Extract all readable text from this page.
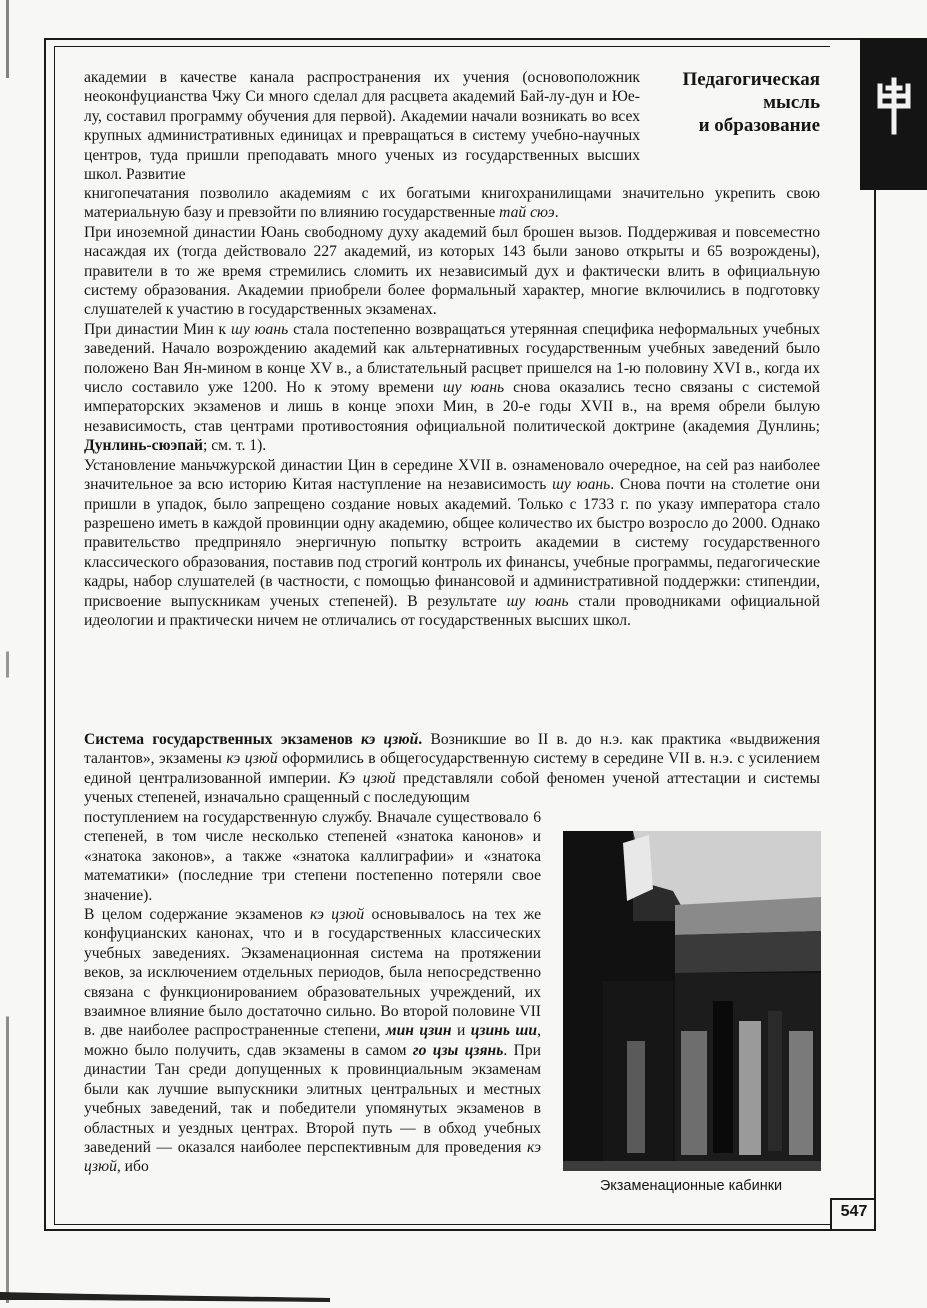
Педагогическая
мысль
и образование

академии в качестве канала распространения их учения (основоположник неоконфуцианства Чжу Си много сделал для расцвета академий Бай-лу-дун и Юе-лу, составил программу обучения для первой). Академии начали возникать во всех крупных административных единицах и превращаться в систему учебно-научных центров, туда пришли преподавать много ученых из государственных высших школ. Развитие

книгопечатания позволило академиям с их богатыми книгохранилищами значительно укрепить свою материальную базу и превзойти по влиянию государственные тай сюэ.

При иноземной династии Юань свободному духу академий был брошен вызов. Поддерживая и повсеместно насаждая их (тогда действовало 227 академий, из которых 143 были заново открыты и 65 возрождены), правители в то же время стремились сломить их независимый дух и фактически влить в официальную систему образования. Академии приобрели более формальный характер, многие включились в подготовку слушателей к участию в государственных экзаменах.

При династии Мин к шу юань стала постепенно возвращаться утерянная специфика неформальных учебных заведений. Начало возрождению академий как альтернативных государственным учебных заведений было положено Ван Ян-мином в конце XV в., а блистательный расцвет пришелся на 1-ю половину XVI в., когда их число составило уже 1200. Но к этому времени шу юань снова оказались тесно связаны с системой императорских экзаменов и лишь в конце эпохи Мин, в 20-е годы XVII в., на время обрели былую независимость, став центрами противостояния официальной политической доктрине (академия Дунлинь; Дунлинь-сюэпай; см. т. 1).

Установление маньчжурской династии Цин в середине XVII в. ознаменовало очередное, на сей раз наиболее значительное за всю историю Китая наступление на независимость шу юань. Снова почти на столетие они пришли в упадок, было запрещено создание новых академий. Только с 1733 г. по указу императора стало разрешено иметь в каждой провинции одну академию, общее количество их быстро возросло до 2000. Однако правительство предприняло энергичную попытку встроить академии в систему государственного классического образования, поставив под строгий контроль их финансы, учебные программы, педагогические кадры, набор слушателей (в частности, с помощью финансовой и административной поддержки: стипендии, присвоение выпускникам ученых степеней). В результате шу юань стали проводниками официальной идеологии и практически ничем не отличались от государственных высших школ.

Система государственных экзаменов кэ цзюй. Возникшие во II в. до н.э. как практика «выдвижения талантов», экзамены кэ цзюй оформились в общегосударственную систему в середине VII в. н.э. с усилением единой централизованной империи. Кэ цзюй представляли собой феномен ученой аттестации и системы ученых степеней, изначально сращенный с последующим

поступлением на государственную службу. Вначале существовало 6 степеней, в том числе несколько степеней «знатока канонов» и «знатока законов», а также «знатока каллиграфии» и «знатока математики» (последние три степени постепенно потеряли свое значение).

В целом содержание экзаменов кэ цзюй основывалось на тех же конфуцианских канонах, что и в государственных классических учебных заведениях. Экзаменационная система на протяжении веков, за исключением отдельных периодов, была непосредственно связана с функционированием образовательных учреждений, их взаимное влияние было достаточно сильно. Во второй половине VII в. две наиболее распространенные степени, мин цзин и цзинь ши, можно было получить, сдав экзамены в самом го цзы цзянь. При династии Тан среди допущенных к провинциальным экзаменам были как лучшие выпускники элитных центральных и местных учебных заведений, так и победители упомянутых экзаменов в областных и уездных центрах. Второй путь — в обход учебных заведений — оказался наиболее перспективным для проведения кэ цзюй, ибо

Экзаменационные кабинки
547
